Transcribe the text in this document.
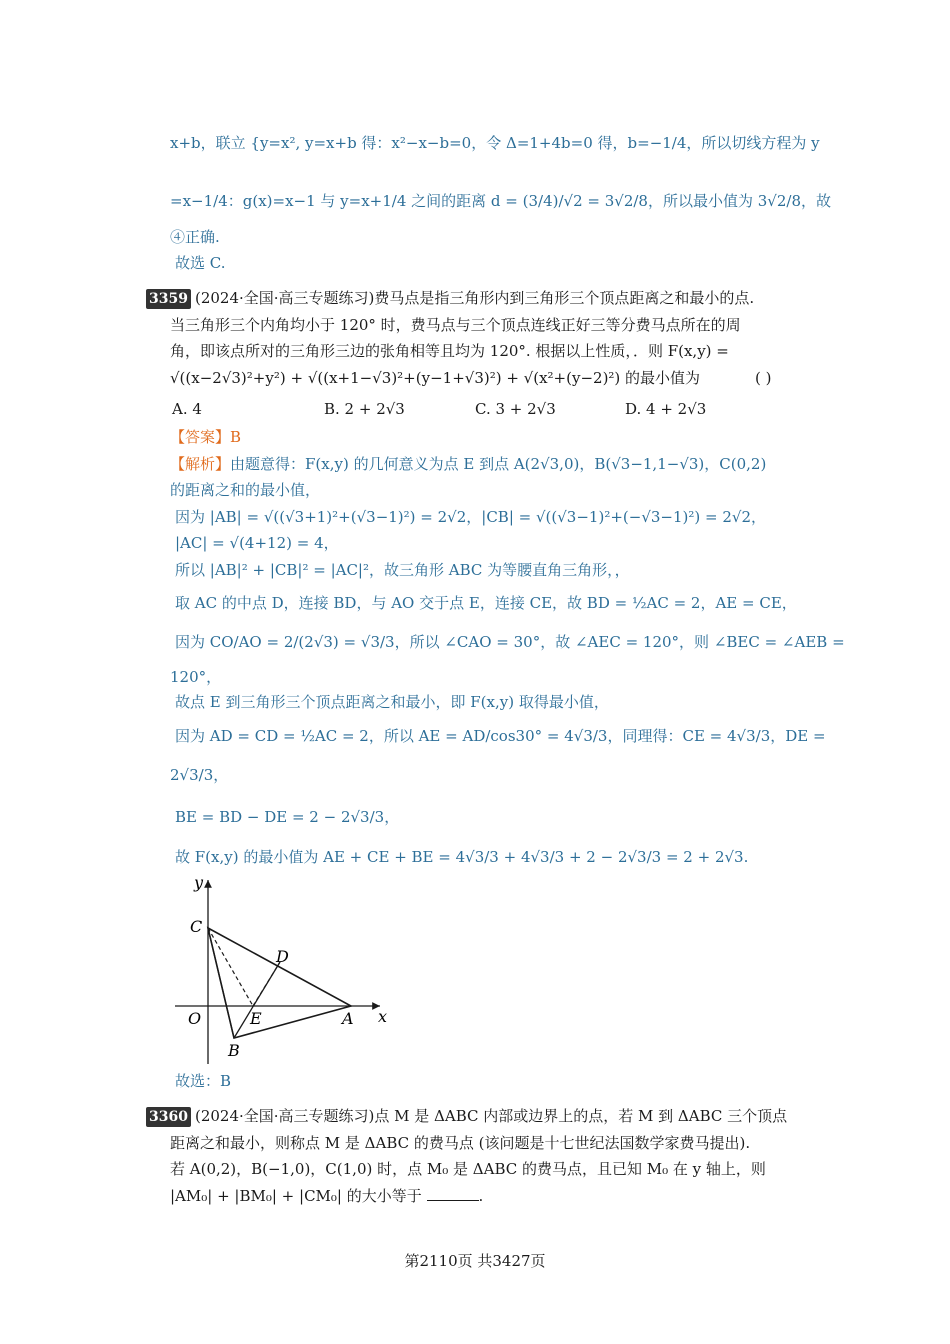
x+b，联立 {y=x², y=x+b 得：x²−x−b=0，令 Δ=1+4b=0 得，b=−1/4，所以切线方程为 y
=x−1/4：g(x)=x−1 与 y=x+1/4 之间的距离 d = (3/4)/√2 = 3√2/8，所以最小值为 3√2/8，故
④正确.
故选 C.
3359 (2024·全国·高三专题练习)费马点是指三角形内到三角形三个顶点距离之和最小的点.
当三角形三个内角均小于 120° 时，费马点与三个顶点连线正好三等分费马点所在的周
角，即该点所对的三角形三边的张角相等且均为 120°. 根据以上性质，．则 F(x,y) =
√((x−2√3)²+y²) + √((x+1−√3)²+(y−1+√3)²) + √(x²+(y−2)²) 的最小值为	( )
A. 4	B. 2 + 2√3	C. 3 + 2√3	D. 4 + 2√3
【答案】B
【解析】由题意得：F(x,y) 的几何意义为点 E 到点 A(2√3,0)，B(√3−1,1−√3)，C(0,2)
的距离之和的最小值，
因为 |AB| = √((√3+1)²+(√3−1)²) = 2√2，|CB| = √((√3−1)²+(−√3−1)²) = 2√2，
|AC| = √(4+12) = 4，
所以 |AB|² + |CB|² = |AC|²，故三角形 ABC 为等腰直角三角形，，
取 AC 的中点 D，连接 BD，与 AO 交于点 E，连接 CE，故 BD = ½AC = 2，AE = CE，
因为 CO/AO = 2/(2√3) = √3/3，所以 ∠CAO = 30°，故 ∠AEC = 120°，则 ∠BEC = ∠AEB =
120°，
故点 E 到三角形三个顶点距离之和最小，即 F(x,y) 取得最小值，
因为 AD = CD = ½AC = 2，所以 AE = AD/cos30° = 4√3/3，同理得：CE = 4√3/3，DE =
2√3/3，
BE = BD − DE = 2 − 2√3/3，
故 F(x,y) 的最小值为 AE + CE + BE = 4√3/3 + 4√3/3 + 2 − 2√3/3 = 2 + 2√3.
y
x
C
D
O	E	A
B
故选：B
3360 (2024·全国·高三专题练习)点 M 是 ΔABC 内部或边界上的点，若 M 到 ΔABC 三个顶点
距离之和最小，则称点 M 是 ΔABC 的费马点 (该问题是十七世纪法国数学家费马提出).
若 A(0,2)，B(−1,0)，C(1,0) 时，点 M₀ 是 ΔABC 的费马点，且已知 M₀ 在 y 轴上，则
|AM₀| + |BM₀| + |CM₀| 的大小等于	.
第2110页 共3427页
